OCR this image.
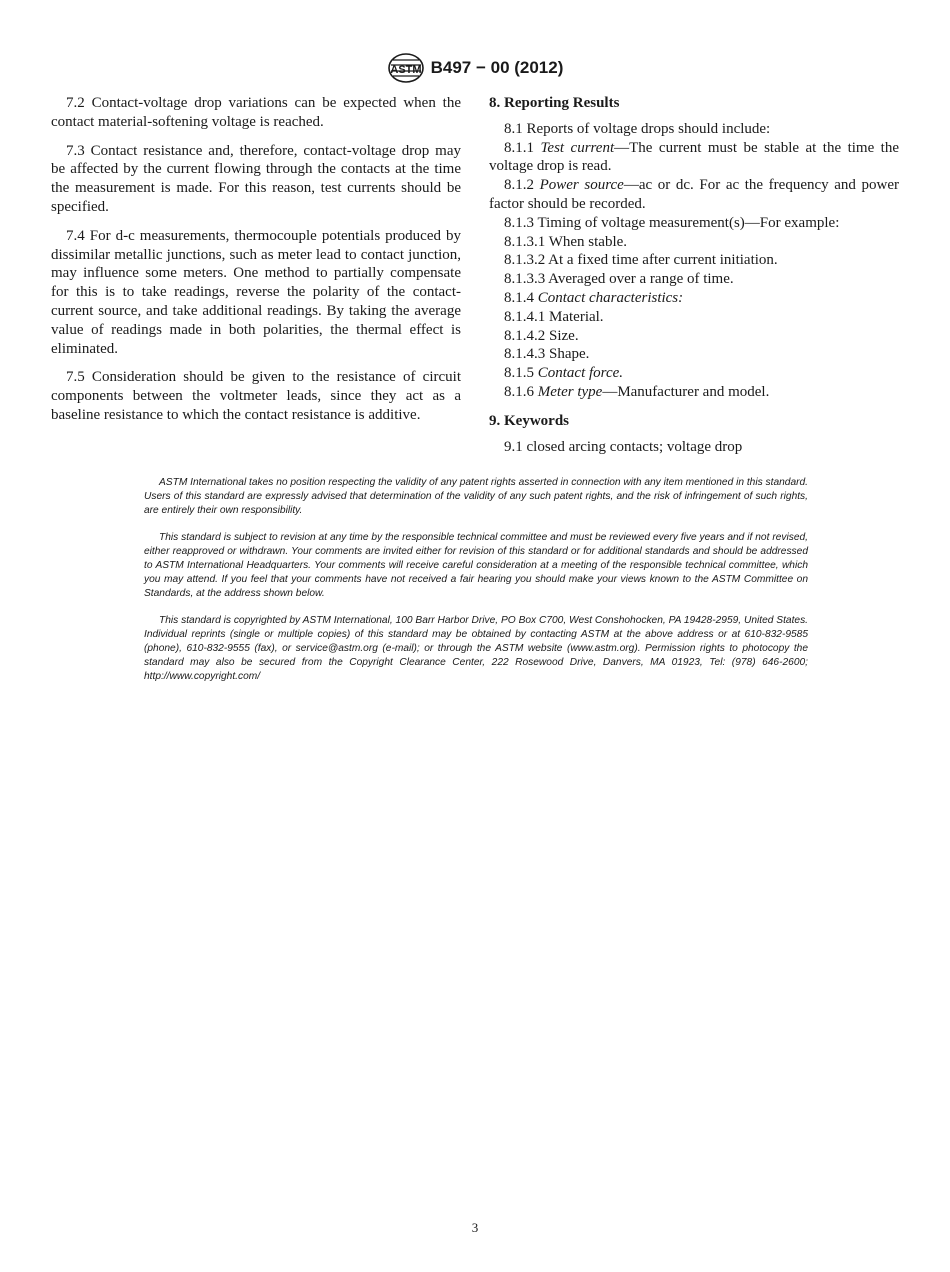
ASTM B497 − 00 (2012)

7.2 Contact-voltage drop variations can be expected when the contact material-softening voltage is reached.

7.3 Contact resistance and, therefore, contact-voltage drop may be affected by the current flowing through the contacts at the time the measurement is made. For this reason, test currents should be specified.

7.4 For d-c measurements, thermocouple potentials produced by dissimilar metallic junctions, such as meter lead to contact junction, may influence some meters. One method to partially compensate for this is to take readings, reverse the polarity of the contact-current source, and take additional readings. By taking the average value of readings made in both polarities, the thermal effect is eliminated.

7.5 Consideration should be given to the resistance of circuit components between the voltmeter leads, since they act as a baseline resistance to which the contact resistance is additive.

8. Reporting Results

8.1 Reports of voltage drops should include:

8.1.1 Test current—The current must be stable at the time the voltage drop is read.

8.1.2 Power source—ac or dc. For ac the frequency and power factor should be recorded.

8.1.3 Timing of voltage measurement(s)—For example:

8.1.3.1 When stable.

8.1.3.2 At a fixed time after current initiation.

8.1.3.3 Averaged over a range of time.

8.1.4 Contact characteristics:

8.1.4.1 Material.

8.1.4.2 Size.

8.1.4.3 Shape.

8.1.5 Contact force.

8.1.6 Meter type—Manufacturer and model.

9. Keywords

9.1 closed arcing contacts; voltage drop

ASTM International takes no position respecting the validity of any patent rights asserted in connection with any item mentioned in this standard. Users of this standard are expressly advised that determination of the validity of any such patent rights, and the risk of infringement of such rights, are entirely their own responsibility.

This standard is subject to revision at any time by the responsible technical committee and must be reviewed every five years and if not revised, either reapproved or withdrawn. Your comments are invited either for revision of this standard or for additional standards and should be addressed to ASTM International Headquarters. Your comments will receive careful consideration at a meeting of the responsible technical committee, which you may attend. If you feel that your comments have not received a fair hearing you should make your views known to the ASTM Committee on Standards, at the address shown below.

This standard is copyrighted by ASTM International, 100 Barr Harbor Drive, PO Box C700, West Conshohocken, PA 19428-2959, United States. Individual reprints (single or multiple copies) of this standard may be obtained by contacting ASTM at the above address or at 610-832-9585 (phone), 610-832-9555 (fax), or service@astm.org (e-mail); or through the ASTM website (www.astm.org). Permission rights to photocopy the standard may also be secured from the Copyright Clearance Center, 222 Rosewood Drive, Danvers, MA 01923, Tel: (978) 646-2600; http://www.copyright.com/

3
